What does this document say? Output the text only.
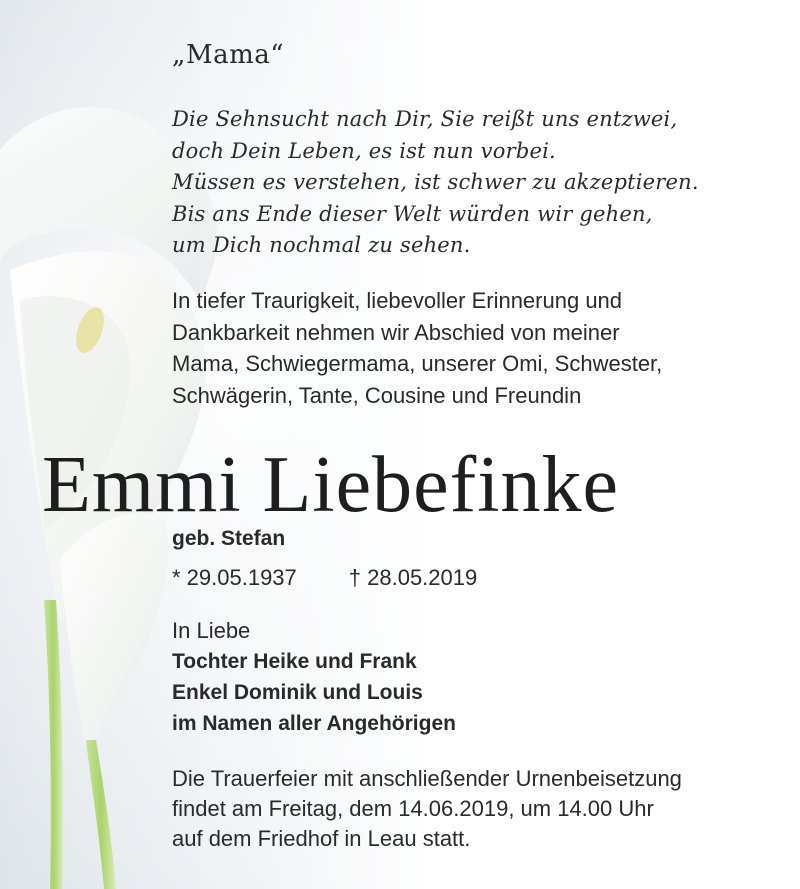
„Mama“
Die Sehnsucht nach Dir, Sie reißt uns entzwei,
doch Dein Leben, es ist nun vorbei.
Müssen es verstehen, ist schwer zu akzeptieren.
Bis ans Ende dieser Welt würden wir gehen,
um Dich nochmal zu sehen.
In tiefer Traurigkeit, liebevoller Erinnerung und
Dankbarkeit nehmen wir Abschied von meiner
Mama, Schwiegermama, unserer Omi, Schwester,
Schwägerin, Tante, Cousine und Freundin
Emmi Liebefinke
geb. Stefan
* 29.05.1937 † 28.05.2019
In Liebe
Tochter Heike und Frank
Enkel Dominik und Louis
im Namen aller Angehörigen
Die Trauerfeier mit anschließender Urnenbeisetzung
findet am Freitag, dem 14.06.2019, um 14.00 Uhr
auf dem Friedhof in Leau statt.
